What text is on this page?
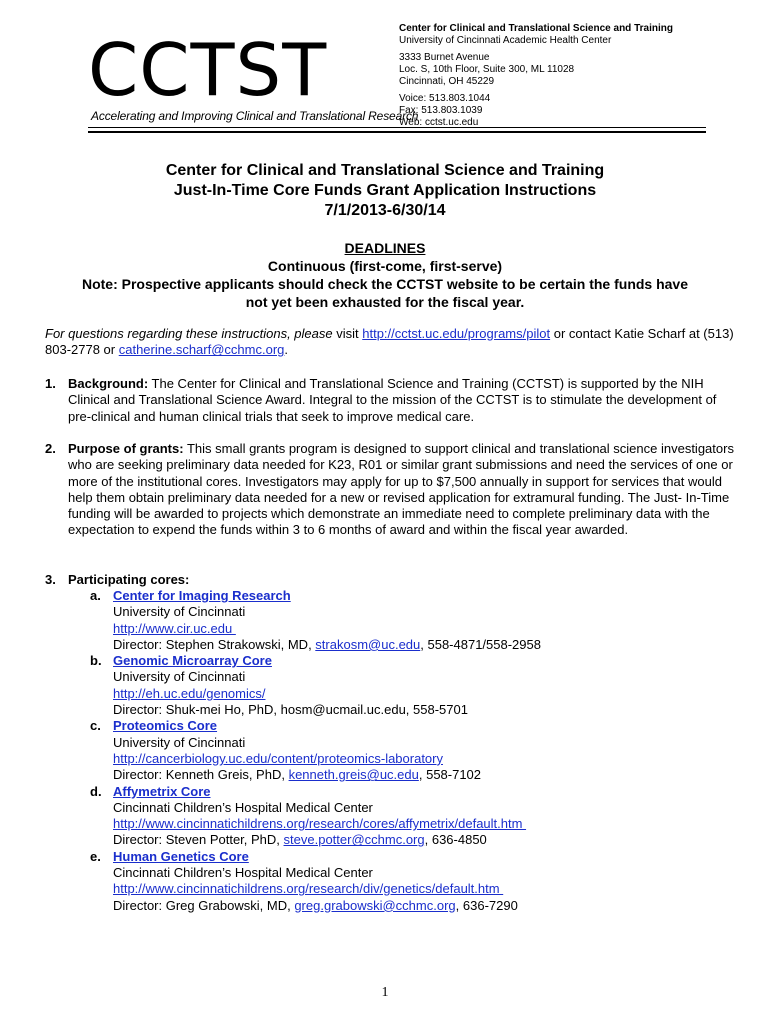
CCTST
Accelerating and Improving Clinical and Translational Research

Center for Clinical and Translational Science and Training

University of Cincinnati Academic Health Center

3333 Burnet Avenue

Loc. S, 10th Floor, Suite 300, ML 11028

Cincinnati, OH 45229

Voice: 513.803.1044

Fax: 513.803.1039

Web: cctst.uc.edu

Center for Clinical and Translational Science and Training

Just-In-Time Core Funds Grant Application Instructions

7/1/2013-6/30/14

DEADLINES

Continuous (first-come, first-serve)

Note: Prospective applicants should check the CCTST website to be certain the funds have

not yet been exhausted for the fiscal year.

For questions regarding these instructions, please visit http://cctst.uc.edu/programs/pilot or contact Katie Scharf at (513) 803-2778 or catherine.scharf@cchmc.org.
1. Background: The Center for Clinical and Translational Science and Training (CCTST) is supported by the NIH Clinical and Translational Science Award. Integral to the mission of the CCTST is to stimulate the development of pre-clinical and human clinical trials that seek to improve medical care.
2. Purpose of grants: This small grants program is designed to support clinical and translational science investigators who are seeking preliminary data needed for K23, R01 or similar grant submissions and need the services of one or more of the institutional cores. Investigators may apply for up to $7,500 annually in support for services that would help them obtain preliminary data needed for a new or revised application for extramural funding. The Just- In-Time funding will be awarded to projects which demonstrate an immediate need to complete preliminary data with the expectation to expend the funds within 3 to 6 months of award and within the fiscal year awarded.
3. Participating cores:
a. Center for Imaging Research

University of Cincinnati

http://www.cir.uc.edu

Director: Stephen Strakowski, MD, strakosm@uc.edu, 558-4871/558-2958

b. Genomic Microarray Core

University of Cincinnati

http://eh.uc.edu/genomics/

Director: Shuk-mei Ho, PhD, hosm@ucmail.uc.edu, 558-5701

c. Proteomics Core

University of Cincinnati

http://cancerbiology.uc.edu/content/proteomics-laboratory

Director: Kenneth Greis, PhD, kenneth.greis@uc.edu, 558-7102

d. Affymetrix Core

Cincinnati Children’s Hospital Medical Center

http://www.cincinnatichildrens.org/research/cores/affymetrix/default.htm

Director: Steven Potter, PhD, steve.potter@cchmc.org, 636-4850

e. Human Genetics Core

Cincinnati Children’s Hospital Medical Center

http://www.cincinnatichildrens.org/research/div/genetics/default.htm

Director: Greg Grabowski, MD, greg.grabowski@cchmc.org, 636-7290

1
